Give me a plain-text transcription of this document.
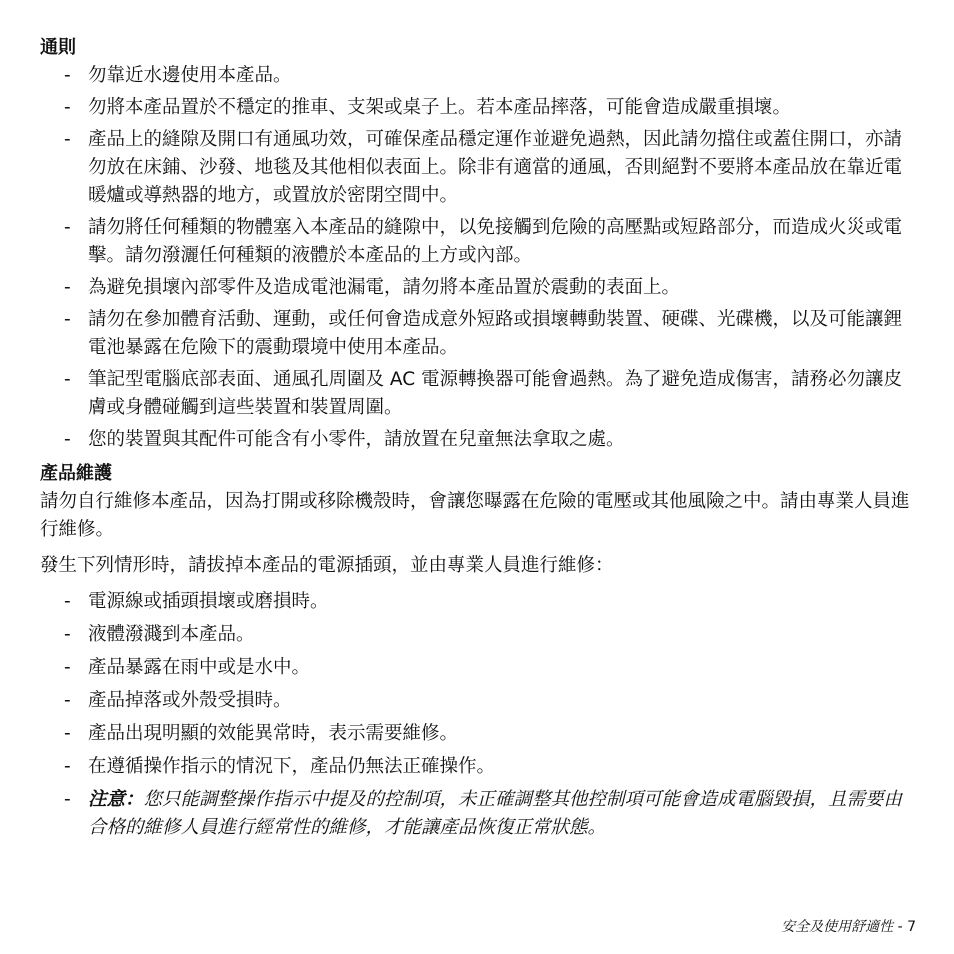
通則

- 勿靠近水邊使用本產品。
- 勿將本產品置於不穩定的推車、支架或桌子上。若本產品摔落，可能會造成嚴重損壞。
- 產品上的縫隙及開口有通風功效，可確保產品穩定運作並避免過熱，因此請勿擋住或蓋住開口，亦請勿放在床鋪、沙發、地毯及其他相似表面上。除非有適當的通風，否則絕對不要將本產品放在靠近電暖爐或導熱器的地方，或置放於密閉空間中。
- 請勿將任何種類的物體塞入本產品的縫隙中，以免接觸到危險的高壓點或短路部分，而造成火災或電擊。請勿潑灑任何種類的液體於本產品的上方或內部。
- 為避免損壞內部零件及造成電池漏電，請勿將本產品置於震動的表面上。
- 請勿在參加體育活動、運動，或任何會造成意外短路或損壞轉動裝置、硬碟、光碟機，以及可能讓鋰電池暴露在危險下的震動環境中使用本產品。
- 筆記型電腦底部表面、通風孔周圍及 AC 電源轉換器可能會過熱。為了避免造成傷害，請務必勿讓皮膚或身體碰觸到這些裝置和裝置周圍。
- 您的裝置與其配件可能含有小零件，請放置在兒童無法拿取之處。

產品維護

請勿自行維修本產品，因為打開或移除機殼時，會讓您曝露在危險的電壓或其他風險之中。請由專業人員進行維修。

發生下列情形時，請拔掉本產品的電源插頭，並由專業人員進行維修：

- 電源線或插頭損壞或磨損時。
- 液體潑濺到本產品。
- 產品暴露在雨中或是水中。
- 產品掉落或外殼受損時。
- 產品出現明顯的效能異常時，表示需要維修。
- 在遵循操作指示的情況下，產品仍無法正確操作。
- 注意：您只能調整操作指示中提及的控制項，未正確調整其他控制項可能會造成電腦毀損，且需要由合格的維修人員進行經常性的維修，才能讓產品恢復正常狀態。
安全及使用舒適性 - 7
